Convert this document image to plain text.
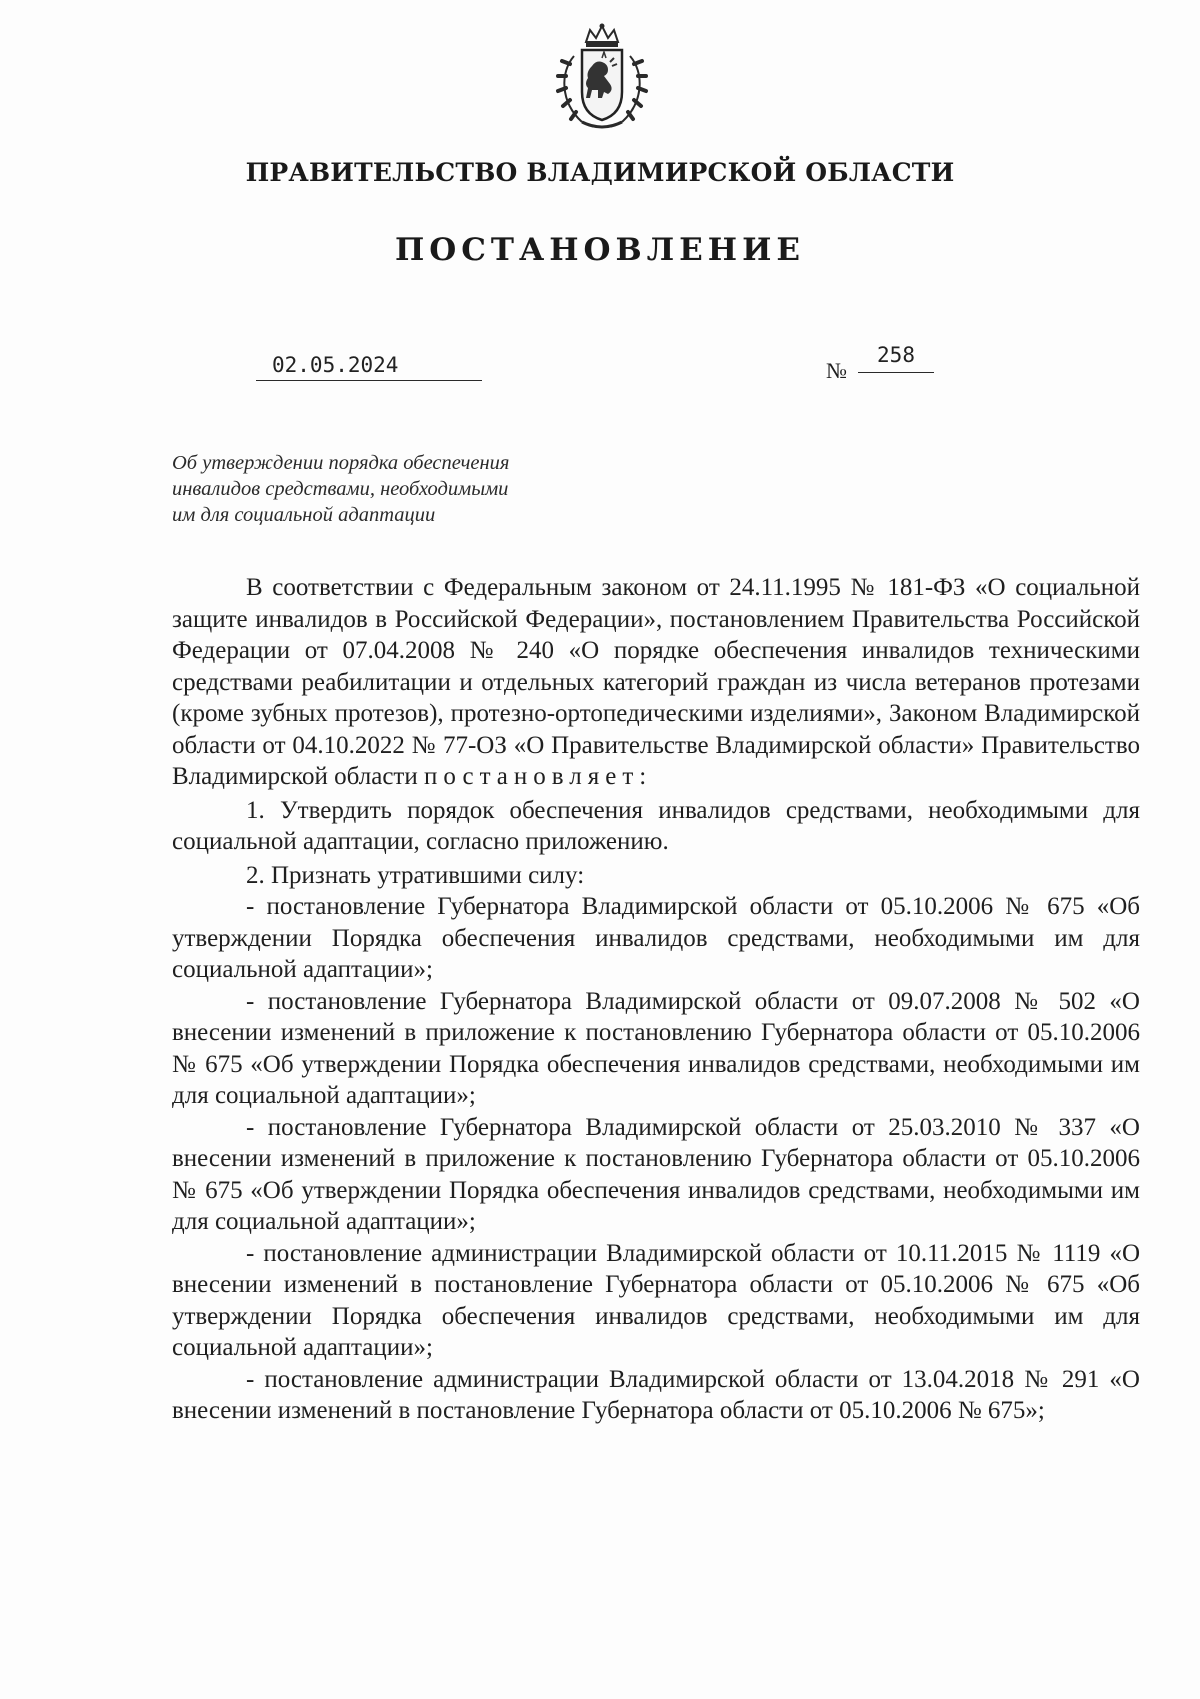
ПРАВИТЕЛЬСТВО ВЛАДИМИРСКОЙ ОБЛАСТИ
ПОСТАНОВЛЕНИЕ
02.05.2024	№
258
Об утверждении порядка обеспечения
инвалидов средствами, необходимыми
им для социальной адаптации

В соответствии с Федеральным законом от 24.11.1995 № 181-ФЗ «О социальной защите инвалидов в Российской Федерации», постановлением Правительства Российской Федерации от 07.04.2008 № 240 «О порядке обеспечения инвалидов техническими средствами реабилитации и отдельных категорий граждан из числа ветеранов протезами (кроме зубных протезов), протезно-ортопедическими изделиями», Законом Владимирской области от 04.10.2022 № 77-ОЗ «О Правительстве Владимирской области» Правительство Владимирской области постановляет:

1. Утвердить порядок обеспечения инвалидов средствами, необходимыми для социальной адаптации, согласно приложению.

2. Признать утратившими силу:

- постановление Губернатора Владимирской области от 05.10.2006 № 675 «Об утверждении Порядка обеспечения инвалидов средствами, необходимыми им для социальной адаптации»;

- постановление Губернатора Владимирской области от 09.07.2008 № 502 «О внесении изменений в приложение к постановлению Губернатора области от 05.10.2006 № 675 «Об утверждении Порядка обеспечения инвалидов средствами, необходимыми им для социальной адаптации»;

- постановление Губернатора Владимирской области от 25.03.2010 № 337 «О внесении изменений в приложение к постановлению Губернатора области от 05.10.2006 № 675 «Об утверждении Порядка обеспечения инвалидов средствами, необходимыми им для социальной адаптации»;

- постановление администрации Владимирской области от 10.11.2015 № 1119 «О внесении изменений в постановление Губернатора области от 05.10.2006 № 675 «Об утверждении Порядка обеспечения инвалидов средствами, необходимыми им для социальной адаптации»;

- постановление администрации Владимирской области от 13.04.2018 № 291 «О внесении изменений в постановление Губернатора области от 05.10.2006 № 675»;
